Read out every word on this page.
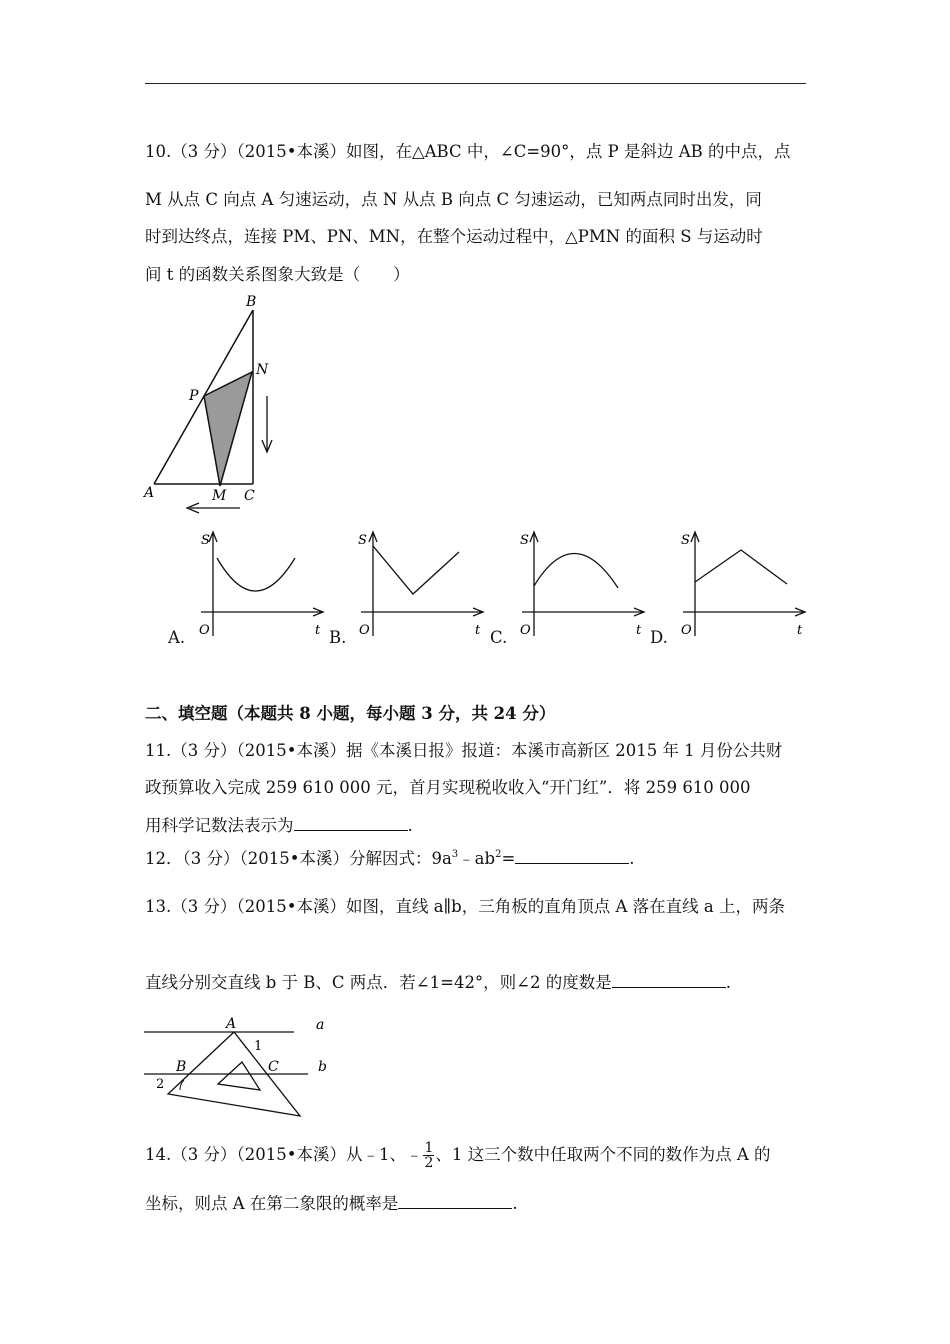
10.（3 分）（2015•本溪）如图，在△ABC 中，∠C=90°，点 P 是斜边 AB 的中点，点
M 从点 C 向点 A 匀速运动，点 N 从点 B 向点 C 匀速运动，已知两点同时出发，同
时到达终点，连接 PM、PN、MN，在整个运动过程中，△PMN 的面积 S 与运动时
间 t 的函数关系图象大致是（　　）
B
N
P
A	M C
S
O	t
A.
S
O	t
B.
S
O	t
C.
S
O	t
D.
二、填空题（本题共 8 小题，每小题 3 分，共 24 分）
11.（3 分）（2015•本溪）据《本溪日报》报道：本溪市高新区 2015 年 1 月份公共财
政预算收入完成 259 610 000 元，首月实现税收收入“开门红”．将 259 610 000
用科学记数法表示为	.
12．（3 分）（2015•本溪）分解因式：$9a^3﹣ab^2=$	.
13.（3 分）（2015•本溪）如图，直线 a∥b，三角板的直角顶点 A 落在直线 a 上，两条
直线分别交直线 b 于 B、C 两点．若∠1=42°，则∠2 的度数是	.
A	a
1
B	C	b
2
14.（3 分）（2015•本溪）从﹣1、﹣ $\frac{1}{2}$ 、1 这三个数中任取两个不同的数作为点 A 的
坐标，则点 A 在第二象限的概率是	.
